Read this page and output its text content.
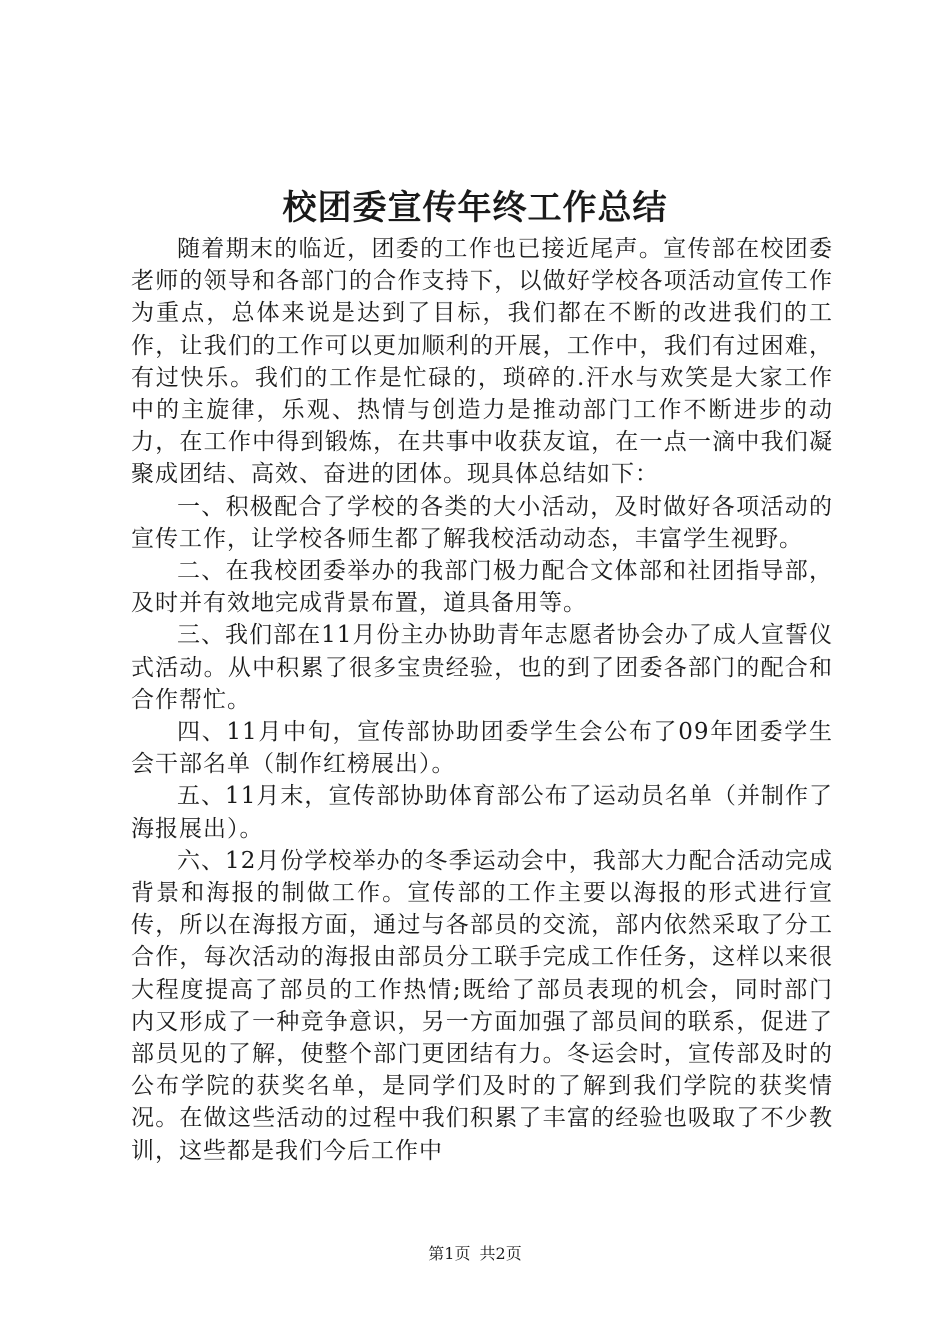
校团委宣传年终工作总结

随着期末的临近，团委的工作也已接近尾声。宣传部在校团委老师的领导和各部门的合作支持下，以做好学校各项活动宣传工作为重点，总体来说是达到了目标，我们都在不断的改进我们的工作，让我们的工作可以更加顺利的开展，工作中，我们有过困难，有过快乐。我们的工作是忙碌的，琐碎的.汗水与欢笑是大家工作中的主旋律，乐观、热情与创造力是推动部门工作不断进步的动力，在工作中得到锻炼，在共事中收获友谊，在一点一滴中我们凝聚成团结、高效、奋进的团体。现具体总结如下：

一、积极配合了学校的各类的大小活动，及时做好各项活动的宣传工作，让学校各师生都了解我校活动动态，丰富学生视野。

二、在我校团委举办的我部门极力配合文体部和社团指导部，及时并有效地完成背景布置，道具备用等。

三、我们部在11月份主办协助青年志愿者协会办了成人宣誓仪式活动。从中积累了很多宝贵经验，也的到了团委各部门的配合和合作帮忙。

四、11月中旬，宣传部协助团委学生会公布了09年团委学生会干部名单（制作红榜展出）。

五、11月末，宣传部协助体育部公布了运动员名单（并制作了海报展出）。

六、12月份学校举办的冬季运动会中，我部大力配合活动完成背景和海报的制做工作。宣传部的工作主要以海报的形式进行宣传，所以在海报方面，通过与各部员的交流，部内依然采取了分工合作，每次活动的海报由部员分工联手完成工作任务，这样以来很大程度提高了部员的工作热情;既给了部员表现的机会，同时部门内又形成了一种竞争意识，另一方面加强了部员间的联系，促进了部员见的了解，使整个部门更团结有力。冬运会时，宣传部及时的公布学院的获奖名单，是同学们及时的了解到我们学院的获奖情况。在做这些活动的过程中我们积累了丰富的经验也吸取了不少教训，这些都是我们今后工作中

第1页 共2页
